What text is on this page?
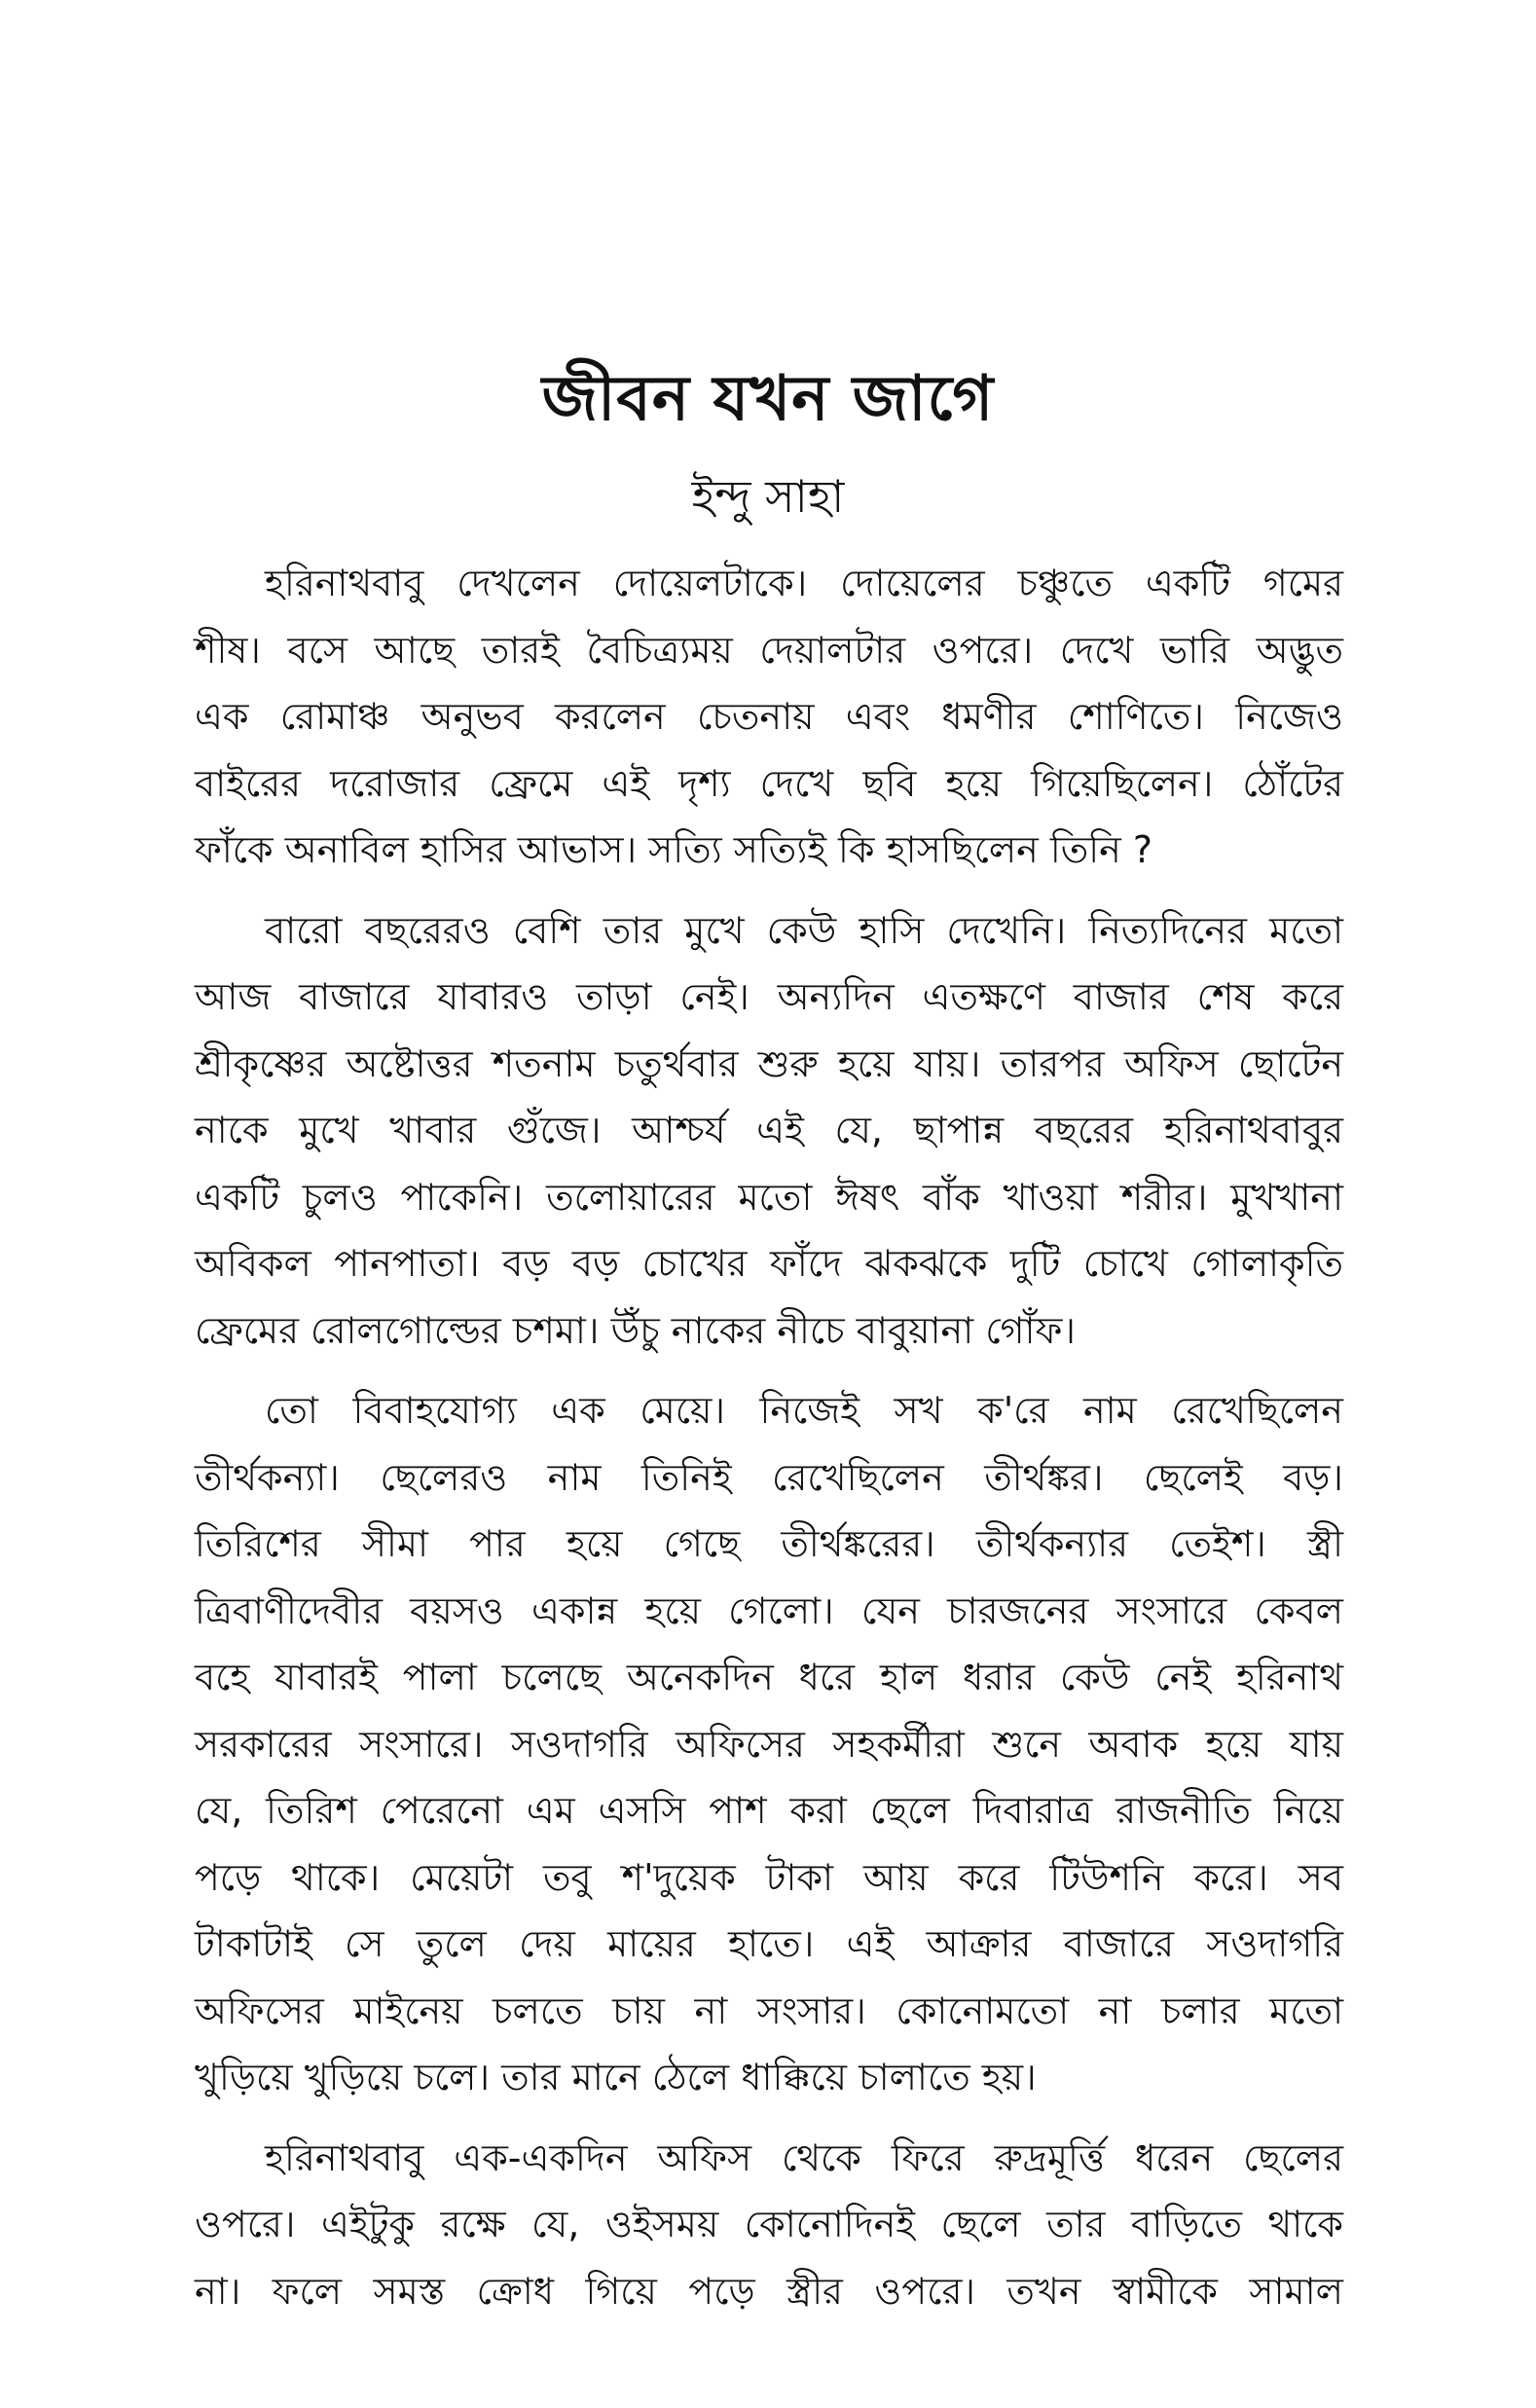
জীবন যখন জাগে
ইন্দু সাহা
হরিনাথবাবু দেখলেন দোয়েলটাকে। দোয়েলের চঞ্চুতে একটি গমের
শীষ। বসে আছে তারই বৈচিত্র্যময় দেয়ালটার ওপরে। দেখে ভারি অদ্ভুত
এক রোমাঞ্চ অনুভব করলেন চেতনায় এবং ধমণীর শোণিতে। নিজেও
বাইরের দরোজার ফ্রেমে এই দৃশ্য দেখে ছবি হয়ে গিয়েছিলেন। ঠোঁটের
ফাঁকে অনাবিল হাসির আভাস। সত্যি সত্যিই কি হাসছিলেন তিনি ?
বারো বছরেরও বেশি তার মুখে কেউ হাসি দেখেনি। নিত্যদিনের মতো
আজ বাজারে যাবারও তাড়া নেই। অন্যদিন এতক্ষণে বাজার শেষ করে
শ্রীকৃষ্ণের অষ্টোত্তর শতনাম চতুর্থবার শুরু হয়ে যায়। তারপর অফিস ছোটেন
নাকে মুখে খাবার গুঁজে। আশ্চর্য এই যে, ছাপান্ন বছরের হরিনাথবাবুর
একটি চুলও পাকেনি। তলোয়ারের মতো ঈষৎ বাঁক খাওয়া শরীর। মুখখানা
অবিকল পানপাতা। বড় বড় চোখের ফাঁদে ঝকঝকে দুটি চোখে গোলাকৃতি
ফ্রেমের রোলগোল্ডের চশমা। উঁচু নাকের নীচে বাবুয়ানা গোঁফ।
তো বিবাহযোগ্য এক মেয়ে। নিজেই সখ ক'রে নাম রেখেছিলেন
তীর্থকন্যা। ছেলেরও নাম তিনিই রেখেছিলেন তীর্থঙ্কর। ছেলেই বড়।
তিরিশের সীমা পার হয়ে গেছে তীর্থঙ্করের। তীর্থকন্যার তেইশ। স্ত্রী
ত্রিবাণীদেবীর বয়সও একান্ন হয়ে গেলো। যেন চারজনের সংসারে কেবল
বহে যাবারই পালা চলেছে অনেকদিন ধরে হাল ধরার কেউ নেই হরিনাথ
সরকারের সংসারে। সওদাগরি অফিসের সহকর্মীরা শুনে অবাক হয়ে যায়
যে, তিরিশ পেরেনো এম এসসি পাশ করা ছেলে দিবারাত্র রাজনীতি নিয়ে
পড়ে থাকে। মেয়েটা তবু শ'দুয়েক টাকা আয় করে টিউশনি করে। সব
টাকাটাই সে তুলে দেয় মায়ের হাতে। এই আক্রার বাজারে সওদাগরি
অফিসের মাইনেয় চলতে চায় না সংসার। কোনোমতো না চলার মতো
খুড়িয়ে খুড়িয়ে চলে। তার মানে ঠেলে ধাক্কিয়ে চালাতে হয়।
হরিনাথবাবু এক-একদিন অফিস থেকে ফিরে রুদ্রমূর্ত্তি ধরেন ছেলের
ওপরে। এইটুকু রক্ষে যে, ওইসময় কোনোদিনই ছেলে তার বাড়িতে থাকে
না। ফলে সমস্ত ক্রোধ গিয়ে পড়ে স্ত্রীর ওপরে। তখন স্বামীকে সামাল
